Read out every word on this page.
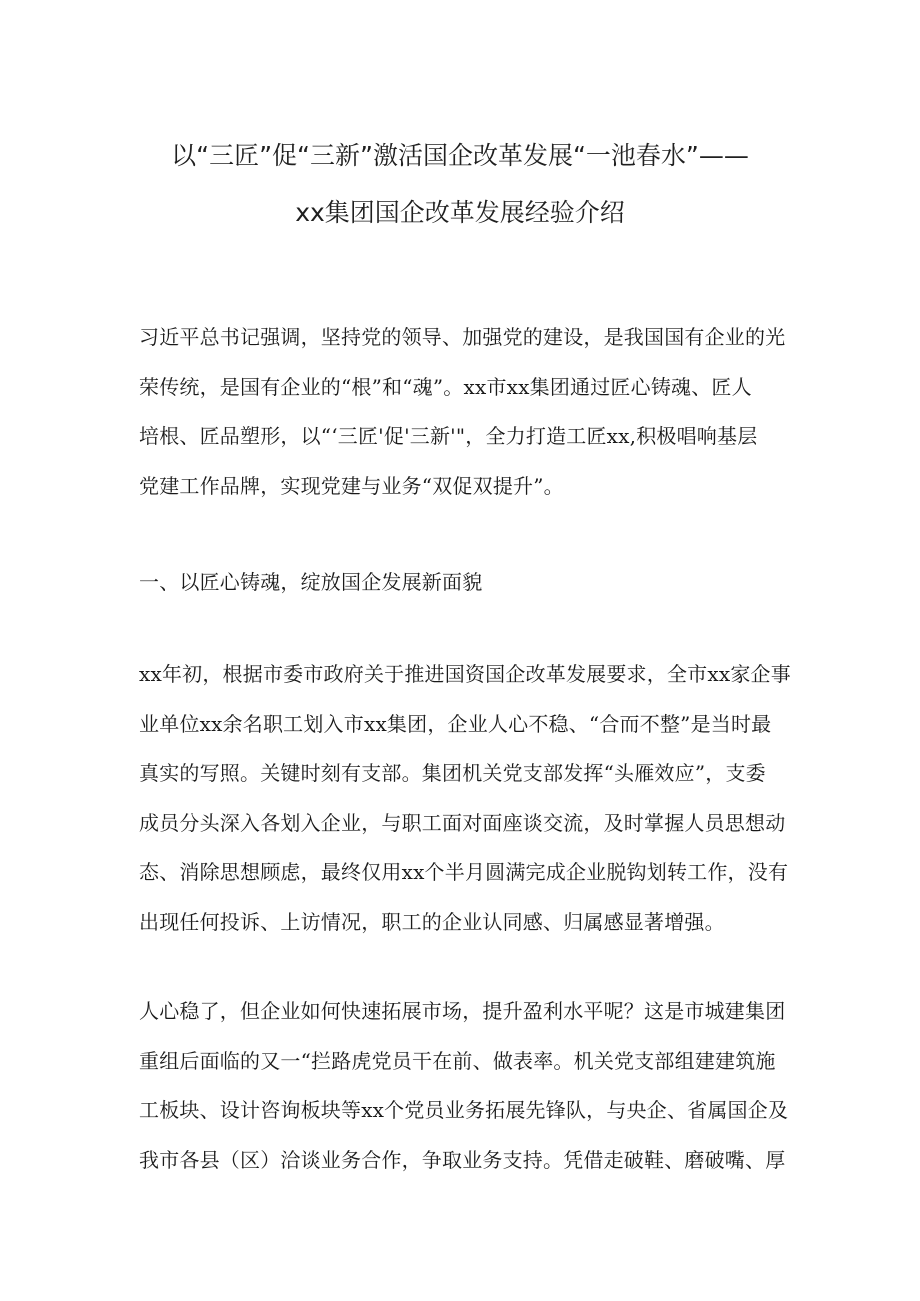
以“三匠”促“三新”激活国企改革发展“一池春水”——
xx集团国企改革发展经验介绍
习近平总书记强调，坚持党的领导、加强党的建设，是我国国有企业的光
荣传统，是国有企业的“根”和“魂”。xx市xx集团通过匠心铸魂、匠人
培根、匠品塑形，以“‘三匠'促'三新'"，全力打造工匠xx,积极唱响基层
党建工作品牌，实现党建与业务“双促双提升”。
一、以匠心铸魂，绽放国企发展新面貌
xx年初，根据市委市政府关于推进国资国企改革发展要求，全市xx家企事
业单位xx余名职工划入市xx集团，企业人心不稳、“合而不整”是当时最
真实的写照。关键时刻有支部。集团机关党支部发挥“头雁效应”，支委
成员分头深入各划入企业，与职工面对面座谈交流，及时掌握人员思想动
态、消除思想顾虑，最终仅用xx个半月圆满完成企业脱钩划转工作，没有
出现任何投诉、上访情况，职工的企业认同感、归属感显著增强。
人心稳了，但企业如何快速拓展市场，提升盈利水平呢？这是市城建集团
重组后面临的又一“拦路虎党员干在前、做表率。机关党支部组建建筑施
工板块、设计咨询板块等xx个党员业务拓展先锋队，与央企、省属国企及
我市各县（区）洽谈业务合作，争取业务支持。凭借走破鞋、磨破嘴、厚
